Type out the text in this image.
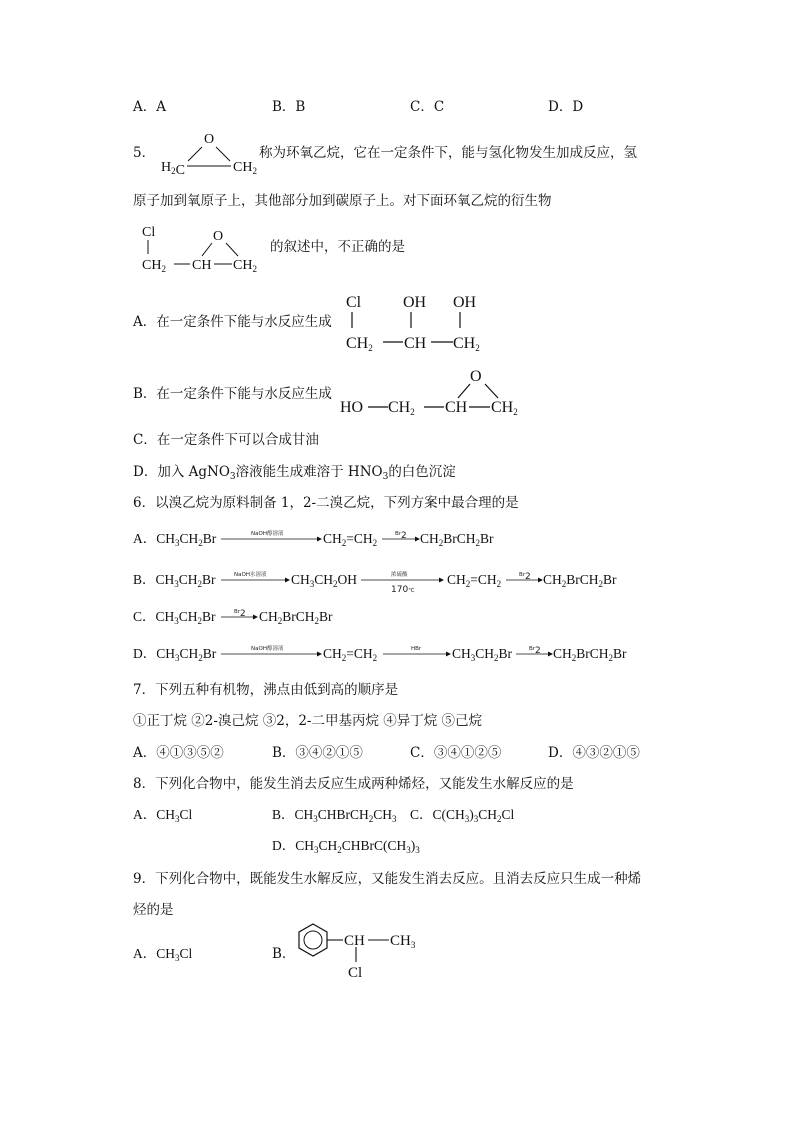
A．A	B．B	C．C	D．D
5．
O
$H_2C$	$CH_2$
称为环氧乙烷，它在一定条件下，能与氢化物发生加成反应，氢
原子加到氧原子上，其他部分加到碳原子上。对下面环氧乙烷的衍生物
Cl
$CH_2$ CH $CH_2$
O
的叙述中，不正确的是
A．在一定条件下能与水反应生成
Cl
CH2
OH
CH
OH
CH2
B．在一定条件下能与水反应生成
HO CH2 CH CH2
O
C．在一定条件下可以合成甘油
D．加入 AgNO$_3$溶液能生成难溶于 $HNO_3$的白色沉淀
6．以溴乙烷为原料制备 1，2-二溴乙烷，下列方案中最合理的是
A．$CH_3CH_2Br$	NaOH醇溶液	$CH_2=CH_2$
Br2 $CH_2BrCH_2Br$
B．$CH_3CH_2Br$	NaOH水溶液 $CH_3CH_2OH$	浓硫酸
170℃
$CH_2=CH_2$
Br2 $CH_2BrCH_2Br$
C．$CH_3CH_2Br$	Br2 $CH_2BrCH_2Br$
D．$CH_3CH_2Br$	NaOH醇溶液	$CH_2=CH_2$
HBr $CH_3CH_2Br$	Br2 $CH_2BrCH_2Br$
7．下列五种有机物，沸点由低到高的顺序是
①正丁烷 ②2-溴己烷 ③2，2-二甲基丙烷 ④异丁烷 ⑤己烷
A．④①③⑤②	B．③④②①⑤	C．③④①②⑤	D．④③②①⑤
8．下列化合物中，能发生消去反应生成两种烯烃，又能发生水解反应的是
A．$CH_3Cl$	B．$CH_3CHBrCH_2CH_3$ C．$C(CH_3)_3CH_2Cl$
D．$CH_3CH_2CHBrC(CH_3)_3$
9．下列化合物中，既能发生水解反应，又能发生消去反应。且消去反应只生成一种烯
烃的是
A．$CH_3Cl$	B．
CH $CH_3$
Cl
